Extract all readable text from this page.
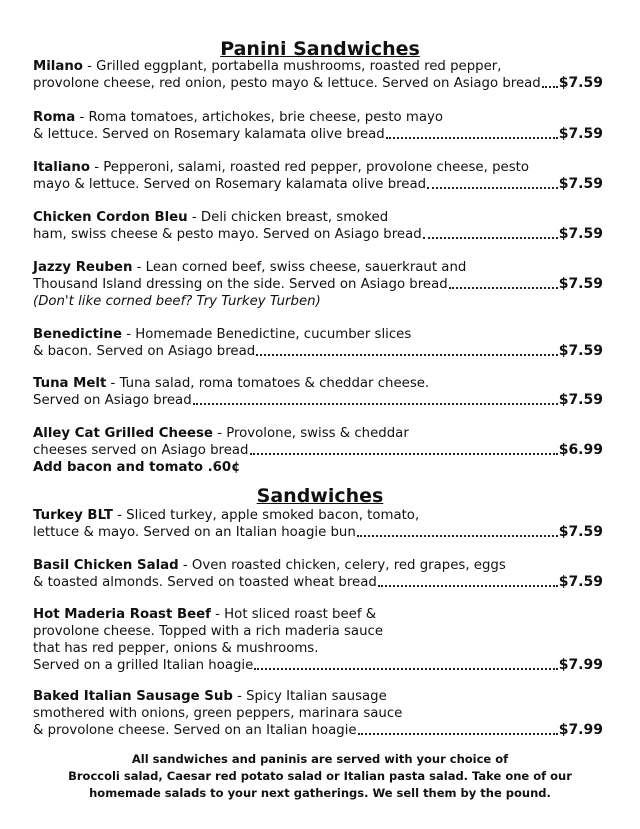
Panini Sandwiches
Milano - Grilled eggplant, portabella mushrooms, roasted red pepper,
provolone cheese, red onion, pesto mayo & lettuce. Served on Asiago bread $7.59
Roma - Roma tomatoes, artichokes, brie cheese, pesto mayo
& lettuce. Served on Rosemary kalamata olive bread	$7.59
Italiano - Pepperoni, salami, roasted red pepper, provolone cheese, pesto
mayo & lettuce. Served on Rosemary kalamata olive bread	$7.59
Chicken Cordon Bleu - Deli chicken breast, smoked
ham, swiss cheese & pesto mayo. Served on Asiago bread	$7.59
Jazzy Reuben - Lean corned beef, swiss cheese, sauerkraut and
Thousand Island dressing on the side. Served on Asiago bread	$7.59
(Don't like corned beef? Try Turkey Turben)
Benedictine - Homemade Benedictine, cucumber slices
& bacon. Served on Asiago bread	$7.59
Tuna Melt - Tuna salad, roma tomatoes & cheddar cheese.
Served on Asiago bread	$7.59
Alley Cat Grilled Cheese - Provolone, swiss & cheddar
cheeses served on Asiago bread	$6.99
Add bacon and tomato .60¢
Sandwiches
Turkey BLT - Sliced turkey, apple smoked bacon, tomato,
lettuce & mayo. Served on an Italian hoagie bun	$7.59
Basil Chicken Salad - Oven roasted chicken, celery, red grapes, eggs
& toasted almonds. Served on toasted wheat bread	$7.59
Hot Maderia Roast Beef - Hot sliced roast beef &
provolone cheese. Topped with a rich maderia sauce
that has red pepper, onions & mushrooms.
Served on a grilled Italian hoagie	$7.99
Baked Italian Sausage Sub - Spicy Italian sausage
smothered with onions, green peppers, marinara sauce
& provolone cheese. Served on an Italian hoagie	$7.99
All sandwiches and paninis are served with your choice of
Broccoli salad, Caesar red potato salad or Italian pasta salad. Take one of our
homemade salads to your next gatherings. We sell them by the pound.
